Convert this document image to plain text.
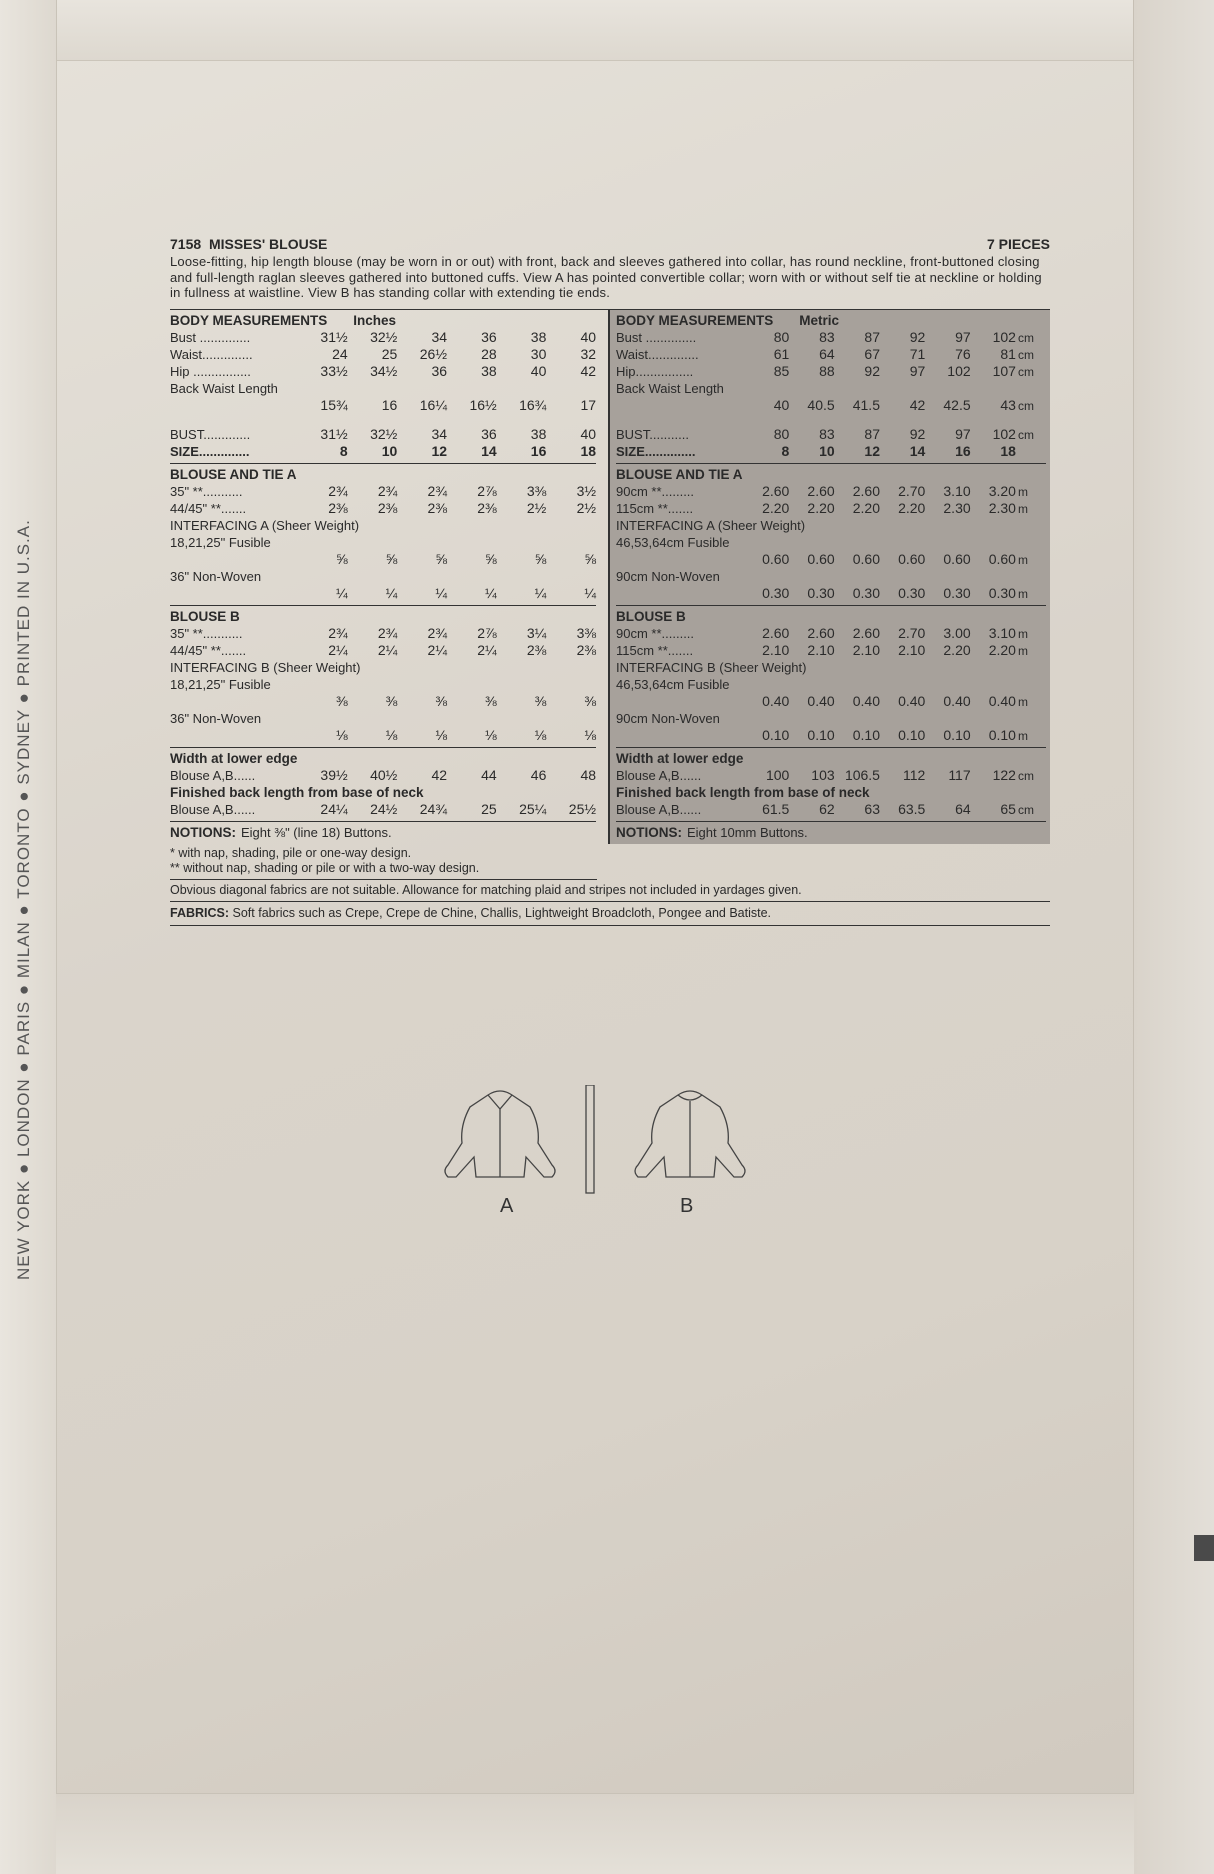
NEW YORK ● LONDON ● PARIS ● MILAN ● TORONTO ● SYDNEY ● PRINTED IN U.S.A.
7158 MISSES' BLOUSE	7 PIECES
Loose-fitting, hip length blouse (may be worn in or out) with front, back and sleeves gathered into collar, has round neckline, front-buttoned closing and full-length raglan sleeves gathered into buttoned cuffs. View A has pointed convertible collar; worn with or without self tie at neckline or holding in fullness at waistline. View B has standing collar with extending tie ends.
BODY MEASUREMENTS Inches
Bust ..............	31½	32½	34	36	38	40
Waist..............	24	25	26½	28	30	32
Hip ................	33½	34½	36	38	40	42
Back Waist Length
15¾	16	16¼	16½	16¾	17
BUST.............	31½	32½	34	36	38	40
SIZE..............	8	10	12	14	16	18
BLOUSE AND TIE A
35" **...........	2¾	2¾	2¾	2⅞	3⅜	3½
44/45" **.......	2⅜	2⅜	2⅜	2⅜	2½	2½
INTERFACING A (Sheer Weight)
18,21,25" Fusible
⅝	⅝	⅝	⅝	⅝	⅝
36" Non-Woven
¼	¼	¼	¼	¼	¼
BLOUSE B
35" **...........	2¾	2¾	2¾	2⅞	3¼	3⅜
44/45" **.......	2¼	2¼	2¼	2¼	2⅜	2⅜
INTERFACING B (Sheer Weight)
18,21,25" Fusible
⅜	⅜	⅜	⅜	⅜	⅜
36" Non-Woven
⅛	⅛	⅛	⅛	⅛	⅛
Width at lower edge
Blouse A,B......	39½	40½	42	44	46	48
Finished back length from base of neck
Blouse A,B......	24¼	24½	24¾	25	25¼	25½
NOTIONS: Eight ⅜" (line 18) Buttons.
BODY MEASUREMENTS Metric
Bust ..............	80	83	87	92	97	102 cm
Waist..............	61	64	67	71	76	81 cm
Hip................	85	88	92	97	102	107 cm
Back Waist Length
40	40.5	41.5	42	42.5	43 cm
BUST...........	80	83	87	92	97	102 cm
SIZE..............	8	10	12	14	16	18
BLOUSE AND TIE A
90cm **.........	2.60	2.60	2.60	2.70	3.10	3.20 m
115cm **.......	2.20	2.20	2.20	2.20	2.30	2.30 m
INTERFACING A (Sheer Weight)
46,53,64cm Fusible
0.60	0.60	0.60	0.60	0.60	0.60 m
90cm Non-Woven
0.30	0.30	0.30	0.30	0.30	0.30 m
BLOUSE B
90cm **.........	2.60	2.60	2.60	2.70	3.00	3.10 m
115cm **.......	2.10	2.10	2.10	2.10	2.20	2.20 m
INTERFACING B (Sheer Weight)
46,53,64cm Fusible
0.40	0.40	0.40	0.40	0.40	0.40 m
90cm Non-Woven
0.10	0.10	0.10	0.10	0.10	0.10 m
Width at lower edge
Blouse A,B......	100	103 106.5	112	117	122 cm
Finished back length from base of neck
Blouse A,B......	61.5	62	63	63.5	64	65 cm
NOTIONS: Eight 10mm Buttons.
* with nap, shading, pile or one-way design.
** without nap, shading or pile or with a two-way design.
Obvious diagonal fabrics are not suitable. Allowance for matching plaid and stripes not included in yardages given.
FABRICS: Soft fabrics such as Crepe, Crepe de Chine, Challis, Lightweight Broadcloth, Pongee and Batiste.
A	B
